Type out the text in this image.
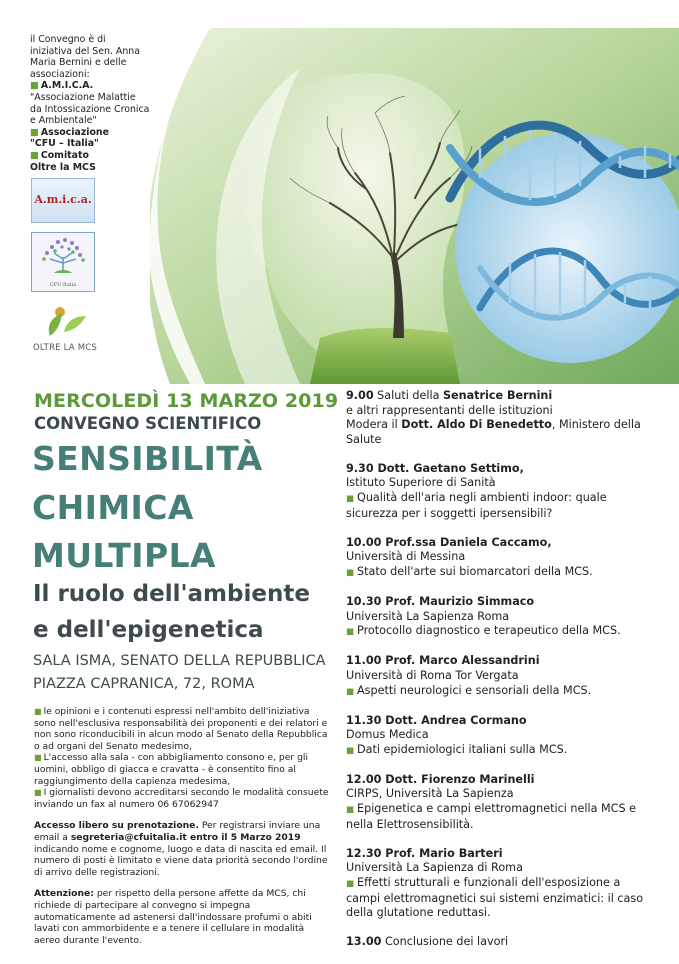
il Convegno è di iniziativa del Sen. Anna Maria Bernini e delle associazioni:
■ A.M.I.C.A.
"Associazione Malattie da Intossicazione Cronica e Ambientale"
■ Associazione
"CFU – Italia"
■ Comitato
Oltre la MCS
A.m.i.c.a.
CFU-Italia
OLTRE LA MCS
MERCOLEDÌ 13 MARZO 2019
CONVEGNO SCIENTIFICO
SENSIBILITÀ
CHIMICA
MULTIPLA
Il ruolo dell'ambiente
e dell'epigenetica
SALA ISMA, SENATO DELLA REPUBBLICA
PIAZZA CAPRANICA, 72, ROMA

■ le opinioni e i contenuti espressi nell'ambito dell'iniziativa sono nell'esclusiva responsabilità dei proponenti e dei relatori e non sono riconducibili in alcun modo al Senato della Repubblica o ad organi del Senato medesimo,

■ L'accesso alla sala - con abbigliamento consono e, per gli uomini, obbligo di giacca e cravatta - è consentito fino al raggiungimento della capienza medesima,

■ I giornalisti devono accreditarsi secondo le modalità consuete inviando un fax al numero 06 67062947

Accesso libero su prenotazione. Per registrarsi inviare una email a segreteria@cfuitalia.it entro il 5 Marzo 2019 indicando nome e cognome, luogo e data di nascita ed email. Il numero di posti è limitato e viene data priorità secondo l'ordine di arrivo delle registrazioni.

Attenzione: per rispetto della persone affette da MCS, chi richiede di partecipare al convegno si impegna automaticamente ad astenersi dall'indossare profumi o abiti lavati con ammorbidente e a tenere il cellulare in modalità aereo durante l'evento.

9.00 Saluti della Senatrice Bernini

e altri rappresentanti delle istituzioni

Modera il Dott. Aldo Di Benedetto, Ministero della Salute

9.30 Dott. Gaetano Settimo,

Istituto Superiore di Sanità

■ Qualità dell'aria negli ambienti indoor: quale sicurezza per i soggetti ipersensibili?

10.00 Prof.ssa Daniela Caccamo,

Università di Messina

■ Stato dell'arte sui biomarcatori della MCS.

10.30 Prof. Maurizio Simmaco

Università La Sapienza Roma

■ Protocollo diagnostico e terapeutico della MCS.

11.00 Prof. Marco Alessandrini

Università di Roma Tor Vergata

■ Aspetti neurologici e sensoriali della MCS.

11.30 Dott. Andrea Cormano

Domus Medica

■ Dati epidemiologici italiani sulla MCS.

12.00 Dott. Fiorenzo Marinelli

CIRPS, Università La Sapienza

■ Epigenetica e campi elettromagnetici nella MCS e nella Elettrosensibilità.

12.30 Prof. Mario Barteri

Università La Sapienza di Roma

■ Effetti strutturali e funzionali dell'esposizione a campi elettromagnetici sui sistemi enzimatici: il caso della glutatione reduttasi.

13.00 Conclusione dei lavori
